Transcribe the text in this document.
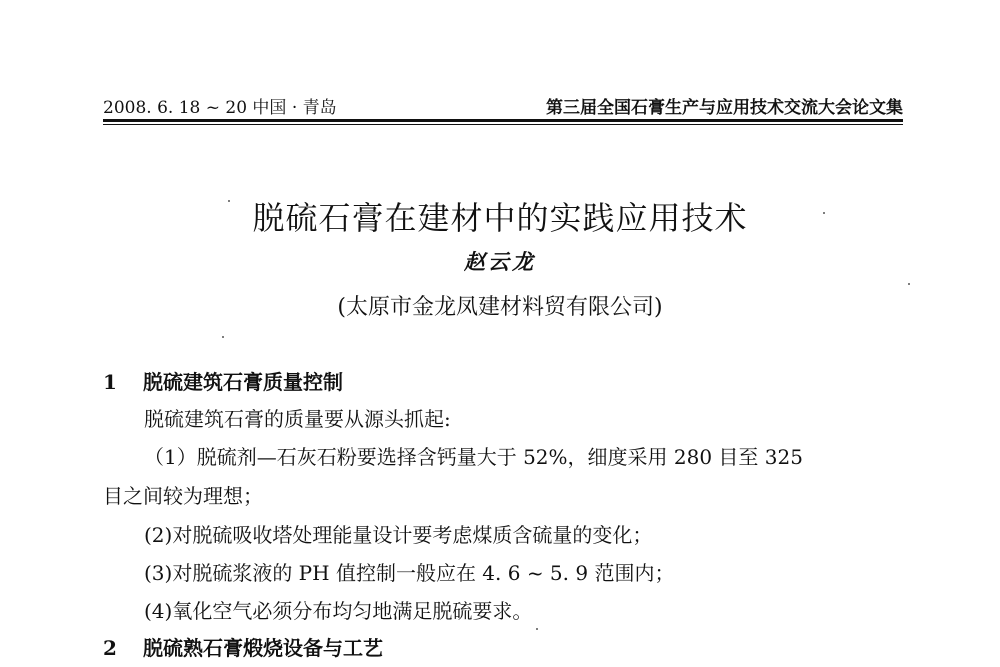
2008. 6. 18 ~ 20 中国 · 青岛	第三届全国石膏生产与应用技术交流大会论文集
脱硫石膏在建材中的实践应用技术
赵云龙
(太原市金龙凤建材料贸有限公司)
1 脱硫建筑石膏质量控制
脱硫建筑石膏的质量要从源头抓起:
（1）脱硫剂—石灰石粉要选择含钙量大于 52%，细度采用 280 目至 325
目之间较为理想；
(2)对脱硫吸收塔处理能量设计要考虑煤质含硫量的变化；
(3)对脱硫浆液的 PH 值控制一般应在 4. 6 ~ 5. 9 范围内；
(4)氧化空气必须分布均匀地满足脱硫要求。
2 脱硫熟石膏煅烧设备与工艺
